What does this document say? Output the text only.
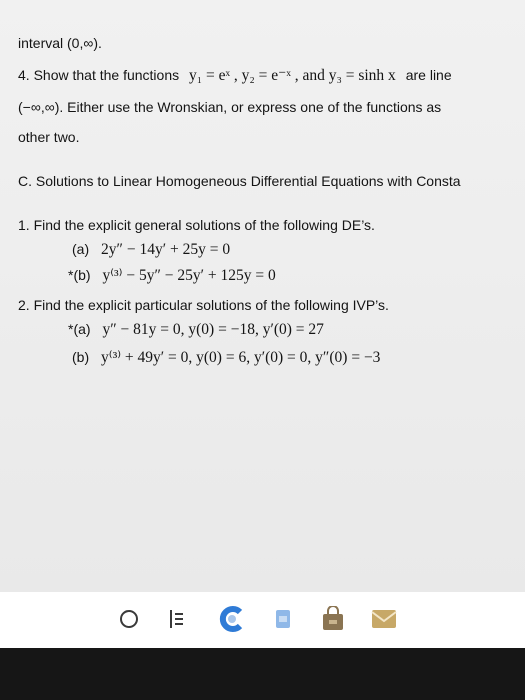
interval (0,∞).
4. Show that the functions y₁ = eˣ , y₂ = e⁻ˣ , and y₃ = sinh x are line
(−∞,∞). Either use the Wronskian, or express one of the functions as
other two.
C. Solutions to Linear Homogeneous Differential Equations with Consta
1. Find the explicit general solutions of the following DE’s.
(a) 2y″ − 14y′ + 25y = 0
*(b) y⁽³⁾ − 5y″ − 25y′ + 125y = 0
2. Find the explicit particular solutions of the following IVP’s.
*(a) y″ − 81y = 0, y(0) = −18, y′(0) = 27
(b) y⁽³⁾ + 49y′ = 0, y(0) = 6, y′(0) = 0, y″(0) = −3
